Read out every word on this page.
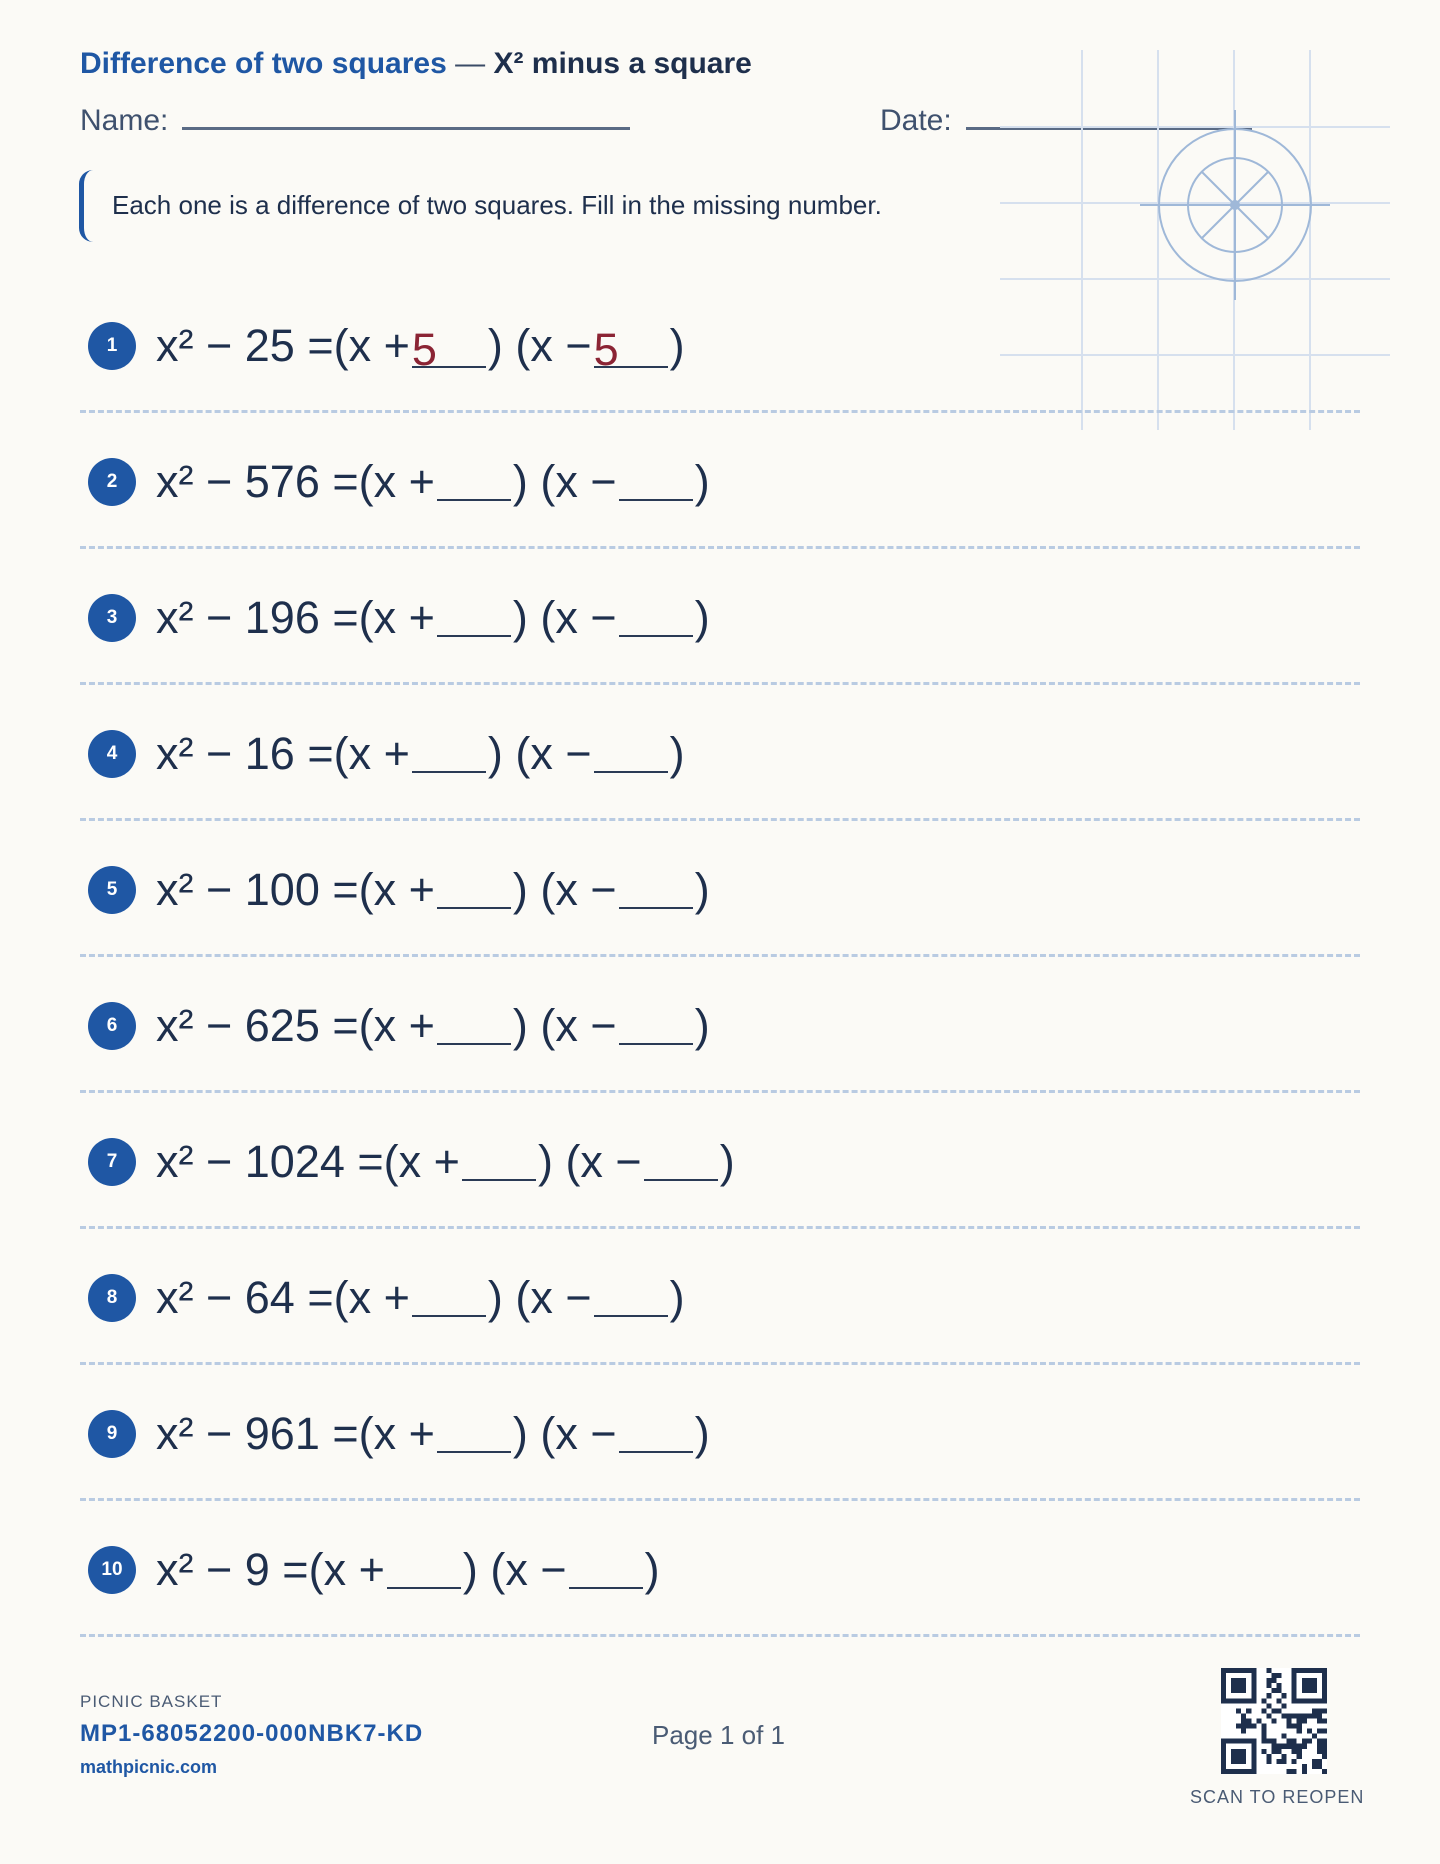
Difference of two squares — X² minus a square
Name:	Date:
Each one is a difference of two squares. Fill in the missing number.
1 x² − 25 =(x +5 ) (x −5 )
2 x² − 576 =(x +) (x −)
3 x² − 196 =(x +) (x −)
4 x² − 16 =(x +) (x −)
5 x² − 100 =(x +) (x −)
6 x² − 625 =(x +) (x −)
7 x² − 1024 =(x +) (x −)
8 x² − 64 =(x +) (x −)
9 x² − 961 =(x +) (x −)
10 x² − 9 =(x +) (x −)
PICNIC BASKET
MP1-68052200-000NBK7-KD
mathpicnic.com
Page 1 of 1
SCAN TO REOPEN
